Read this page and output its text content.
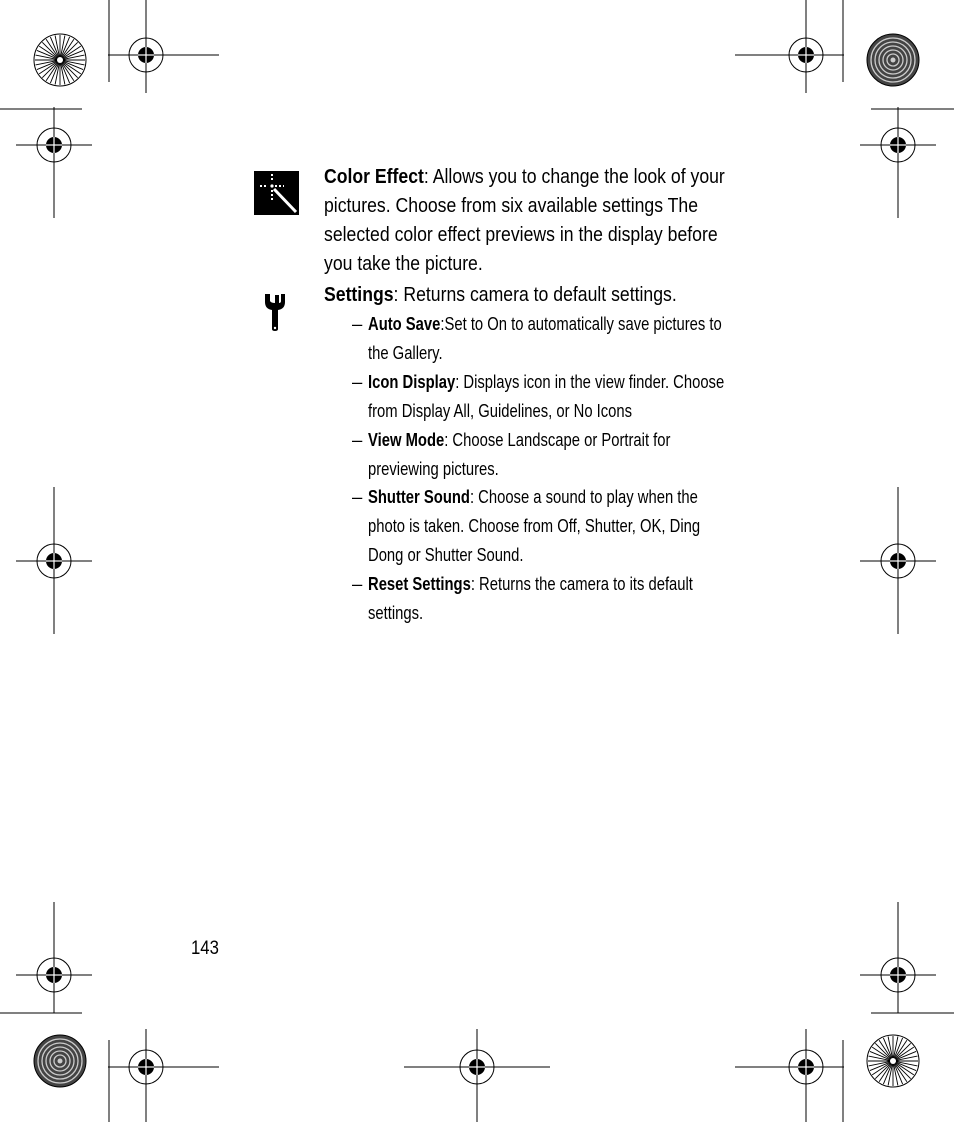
Color Effect: Allows you to change the look of your pictures. Choose from six available settings The selected color effect previews in the display before you take the picture.

Settings: Returns camera to default settings.

– Auto Save:Set to On to automatically save pictures to the Gallery.
– Icon Display: Displays icon in the view finder. Choose from Display All, Guidelines, or No Icons
– View Mode: Choose Landscape or Portrait for previewing pictures.
– Shutter Sound: Choose a sound to play when the photo is taken. Choose from Off, Shutter, OK, Ding Dong or Shutter Sound.
– Reset Settings: Returns the camera to its default settings.
143
